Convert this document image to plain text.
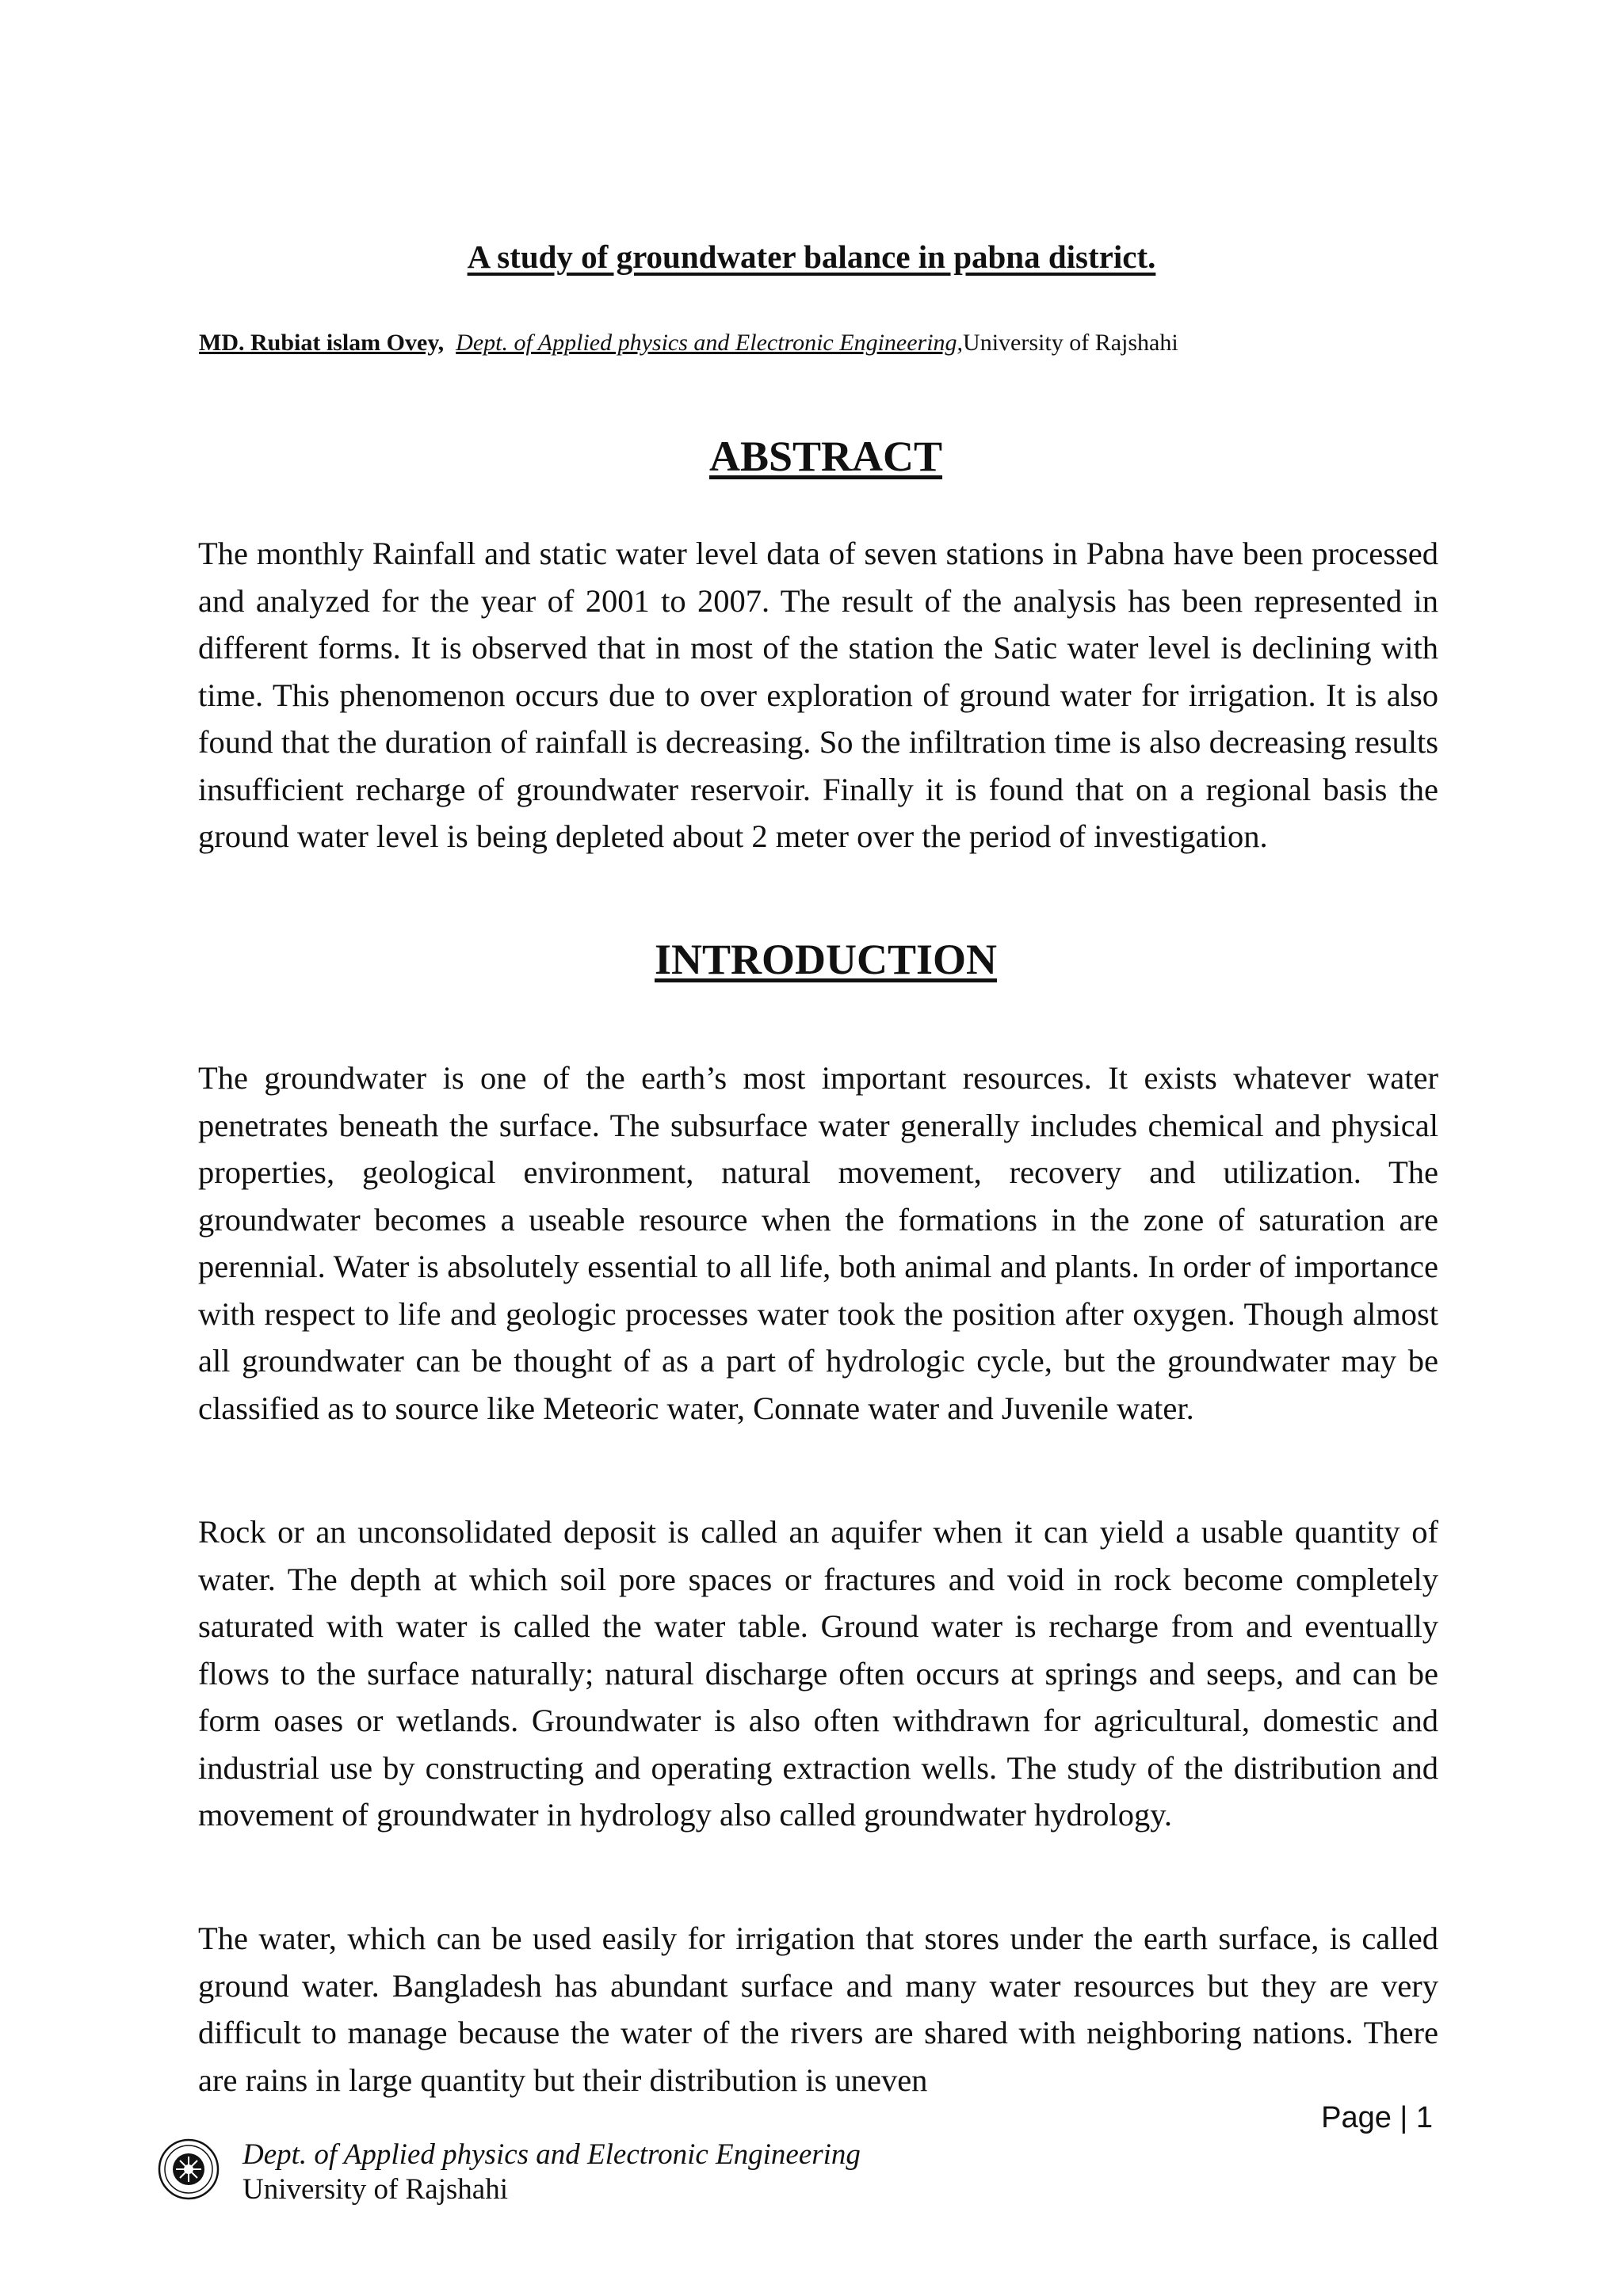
A study of groundwater balance in pabna district.
MD. Rubiat islam Ovey, Dept. of Applied physics and Electronic Engineering,University of Rajshahi
ABSTRACT

The monthly Rainfall and static water level data of seven stations in Pabna have been processed and analyzed for the year of 2001 to 2007. The result of the analysis has been represented in different forms. It is observed that in most of the station the Satic water level is declining with time. This phenomenon occurs due to over exploration of ground water for irrigation. It is also found that the duration of rainfall is decreasing. So the infiltration time is also decreasing results insufficient recharge of groundwater reservoir. Finally it is found that on a regional basis the ground water level is being depleted about 2 meter over the period of investigation.

INTRODUCTION

The groundwater is one of the earth’s most important resources. It exists whatever water penetrates beneath the surface. The subsurface water generally includes chemical and physical properties, geological environment, natural movement, recovery and utilization. The groundwater becomes a useable resource when the formations in the zone of saturation are perennial. Water is absolutely essential to all life, both animal and plants. In order of importance with respect to life and geologic processes water took the position after oxygen. Though almost all groundwater can be thought of as a part of hydrologic cycle, but the groundwater may be classified as to source like Meteoric water, Connate water and Juvenile water.

Rock or an unconsolidated deposit is called an aquifer when it can yield a usable quantity of water. The depth at which soil pore spaces or fractures and void in rock become completely saturated with water is called the water table. Ground water is recharge from and eventually flows to the surface naturally; natural discharge often occurs at springs and seeps, and can be form oases or wetlands. Groundwater is also often withdrawn for agricultural, domestic and industrial use by constructing and operating extraction wells. The study of the distribution and movement of groundwater in hydrology also called groundwater hydrology.

The water, which can be used easily for irrigation that stores under the earth surface, is called ground water. Bangladesh has abundant surface and many water resources but they are very difficult to manage because the water of the rivers are shared with neighboring nations. There are rains in large quantity but their distribution is uneven

Page | 1
Dept. of Applied physics and Electronic Engineering
University of Rajshahi
